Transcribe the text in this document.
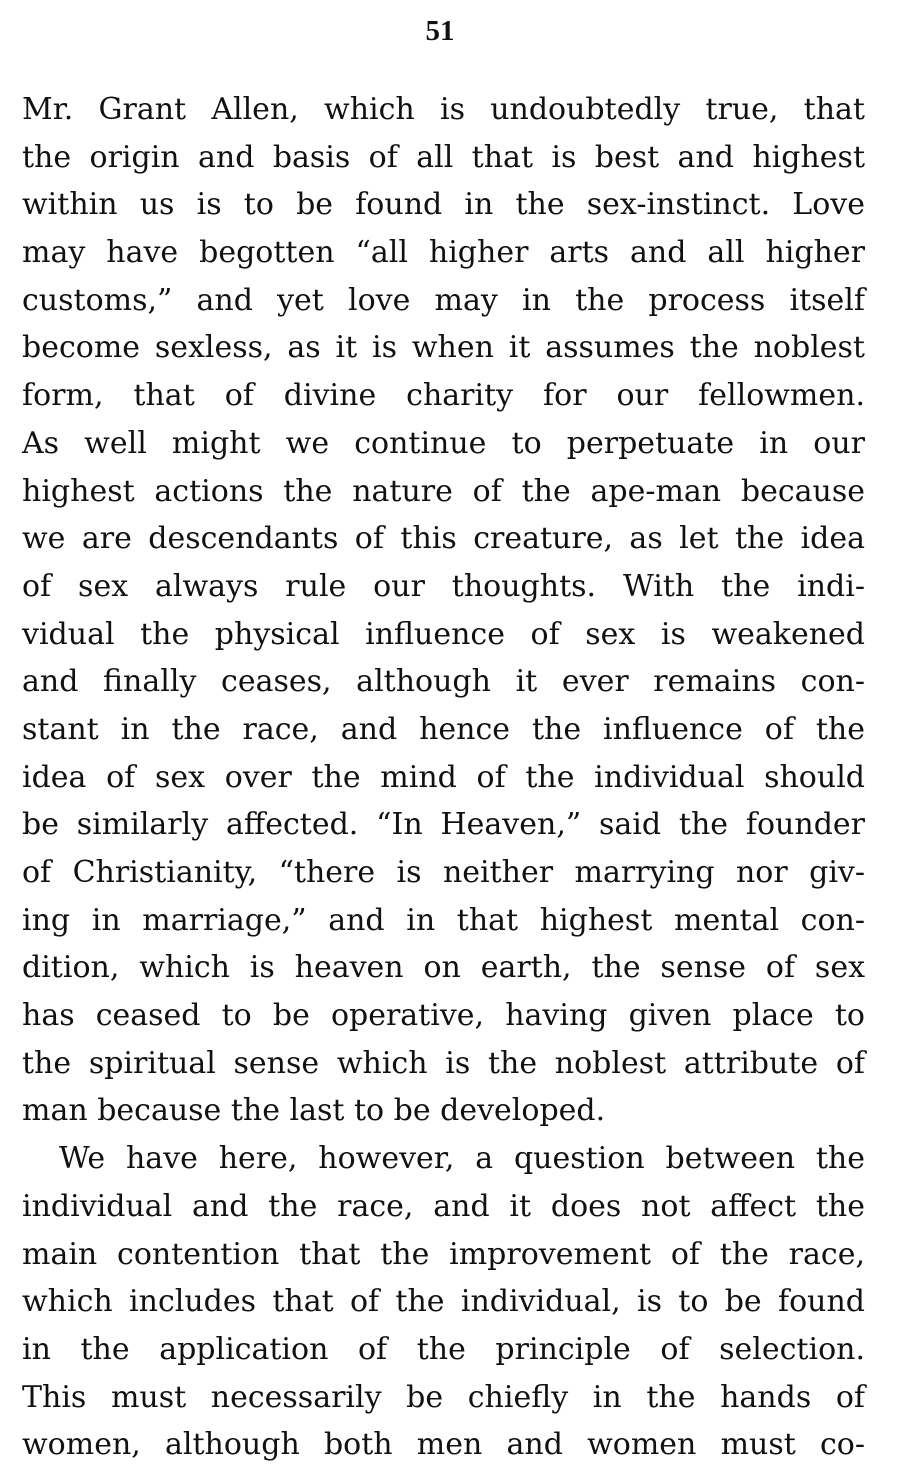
51
Mr. Grant Allen, which is undoubtedly true, that
the origin and basis of all that is best and highest
within us is to be found in the sex-instinct. Love
may have begotten “all higher arts and all higher
customs,” and yet love may in the process itself
become sexless, as it is when it assumes the noblest
form, that of divine charity for our fellowmen.
As well might we continue to perpetuate in our
highest actions the nature of the ape-man because
we are descendants of this creature, as let the idea
of sex always rule our thoughts. With the indi-
vidual the physical influence of sex is weakened
and finally ceases, although it ever remains con-
stant in the race, and hence the influence of the
idea of sex over the mind of the individual should
be similarly affected. “In Heaven,” said the founder
of Christianity, “there is neither marrying nor giv-
ing in marriage,” and in that highest mental con-
dition, which is heaven on earth, the sense of sex
has ceased to be operative, having given place to
the spiritual sense which is the noblest attribute of
man because the last to be developed.
We have here, however, a question between the
individual and the race, and it does not affect the
main contention that the improvement of the race,
which includes that of the individual, is to be found
in the application of the principle of selection.
This must necessarily be chiefly in the hands of
women, although both men and women must co-
